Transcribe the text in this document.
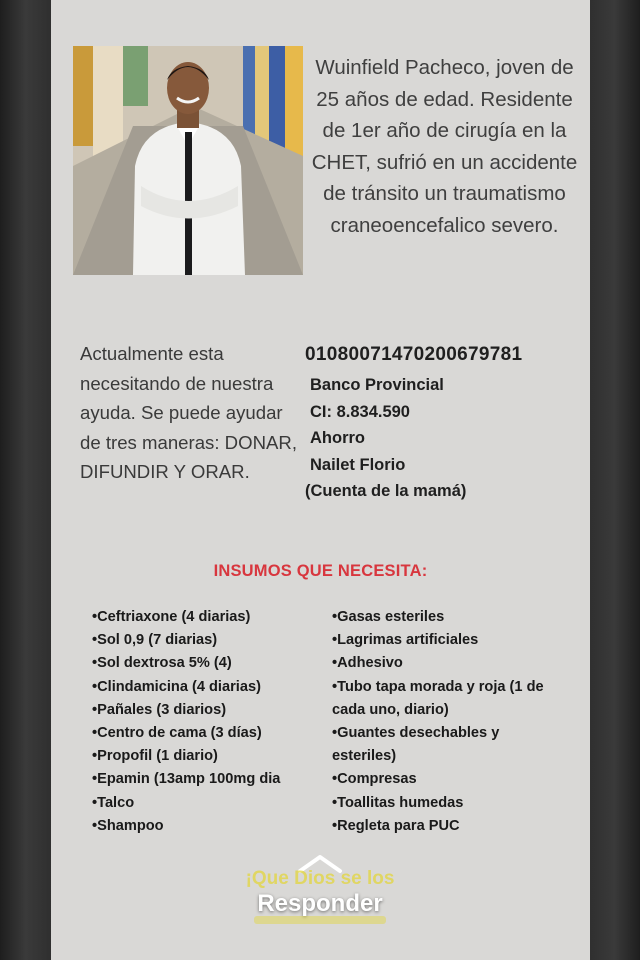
Wuinfield Pacheco, joven de 25 años de edad. Residente de 1er año de cirugía en la CHET, sufrió en un accidente de tránsito un traumatismo craneoencefalico severo.
Actualmente esta necesitando de nuestra ayuda. Se puede ayudar de tres maneras: DONAR, DIFUNDIR Y ORAR.
01080071470200679781
Banco Provincial
CI: 8.834.590
Ahorro
Nailet Florio
(Cuenta de la mamá)
INSUMOS QUE NECESITA:
•Ceftriaxone (4 diarias)
•Sol 0,9 (7 diarias)
•Sol dextrosa 5% (4)
•Clindamicina (4 diarias)
•Pañales (3 diarios)
•Centro de cama (3 días)
•Propofil (1 diario)
•Epamin (13amp 100mg dia
•Talco
•Shampoo
•Gasas esteriles
•Lagrimas artificiales
•Adhesivo
•Tubo tapa morada y roja (1 de cada uno, diario)
•Guantes desechables y esteriles)
•Compresas
•Toallitas humedas
•Regleta para PUC
¡Que Dios se los
Responder
